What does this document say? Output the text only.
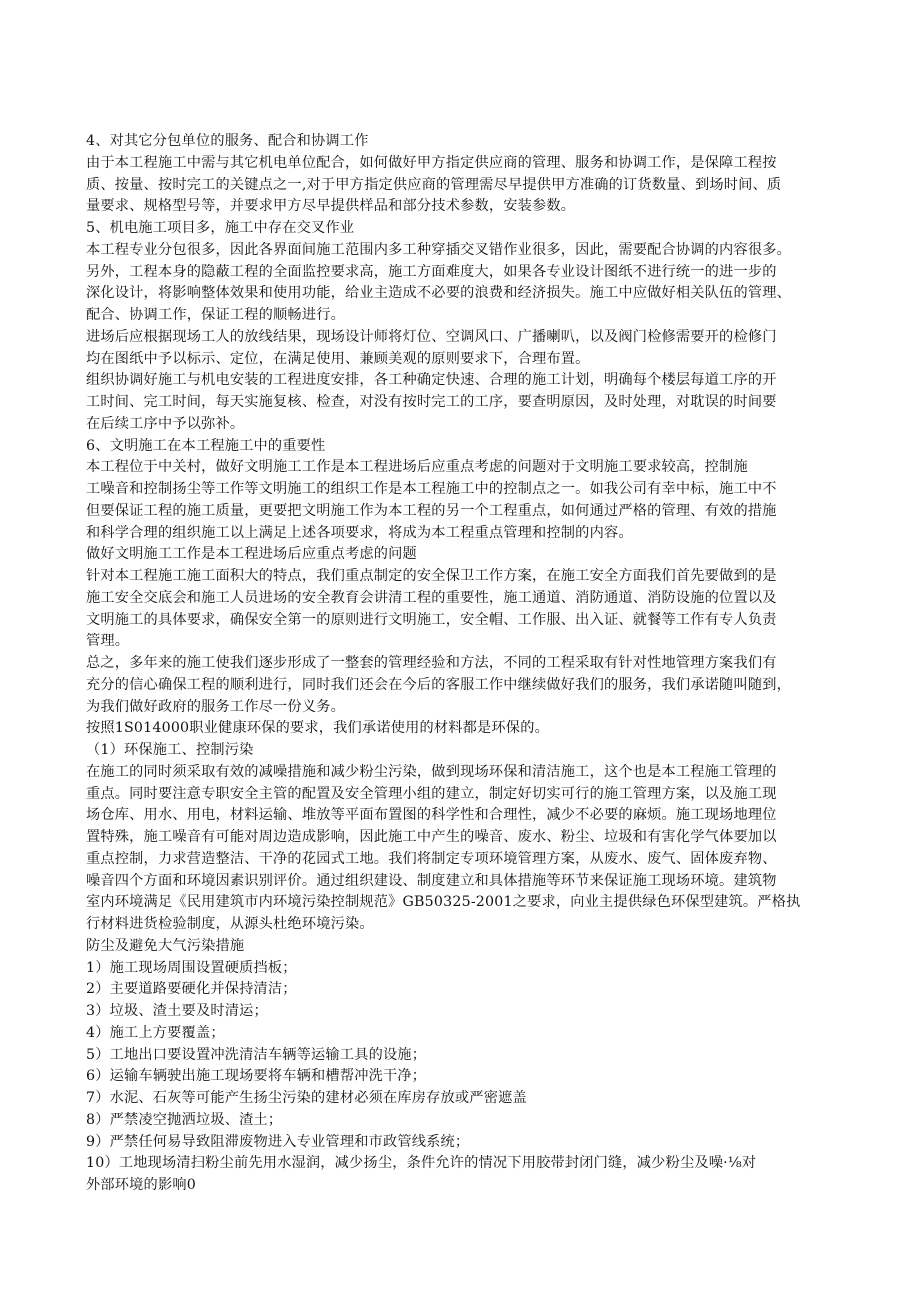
4、对其它分包单位的服务、配合和协调工作
由于本工程施工中需与其它机电单位配合，如何做好甲方指定供应商的管理、服务和协调工作，是保障工程按
质、按量、按时完工的关键点之一,对于甲方指定供应商的管理需尽早提供甲方准确的订货数量、到场时间、质
量要求、规格型号等，并要求甲方尽早提供样品和部分技术参数，安装参数。
5、机电施工项目多，施工中存在交叉作业
本工程专业分包很多，因此各界面间施工范围内多工种穿插交叉错作业很多，因此，需要配合协调的内容很多。
另外，工程本身的隐蔽工程的全面监控要求高，施工方面难度大，如果各专业设计图纸不进行统一的进一步的
深化设计，将影响整体效果和使用功能，给业主造成不必要的浪费和经济损失。施工中应做好相关队伍的管理、
配合、协调工作，保证工程的顺畅进行。
进场后应根据现场工人的放线结果，现场设计师将灯位、空调风口、广播喇叭，以及阀门检修需要开的检修门
均在图纸中予以标示、定位，在满足使用、兼顾美观的原则要求下，合理布置。
组织协调好施工与机电安装的工程进度安排，各工种确定快速、合理的施工计划，明确每个楼层每道工序的开
工时间、完工时间，每天实施复核、检查，对没有按时完工的工序，要查明原因，及时处理，对耽误的时间要
在后续工序中予以弥补。
6、文明施工在本工程施工中的重要性
本工程位于中关村，做好文明施工工作是本工程进场后应重点考虑的问题对于文明施工要求较高，控制施
工噪音和控制扬尘等工作等文明施工的组织工作是本工程施工中的控制点之一。如我公司有幸中标，施工中不
但要保证工程的施工质量，更要把文明施工作为本工程的另一个工程重点，如何通过严格的管理、有效的措施
和科学合理的组织施工以上满足上述各项要求，将成为本工程重点管理和控制的内容。
做好文明施工工作是本工程进场后应重点考虑的问题
针对本工程施工施工面积大的特点，我们重点制定的安全保卫工作方案，在施工安全方面我们首先要做到的是
施工安全交底会和施工人员进场的安全教育会讲清工程的重要性，施工通道、消防通道、消防设施的位置以及
文明施工的具体要求，确保安全第一的原则进行文明施工，安全帽、工作服、出入证、就餐等工作有专人负责
管理。
总之，多年来的施工使我们逐步形成了一整套的管理经验和方法，不同的工程采取有针对性地管理方案我们有
充分的信心确保工程的顺利进行，同时我们还会在今后的客服工作中继续做好我们的服务，我们承诺随叫随到，
为我们做好政府的服务工作尽一份义务。
按照1S014000职业健康环保的要求，我们承诺使用的材料都是环保的。
（1）环保施工、控制污染
在施工的同时须采取有效的减噪措施和减少粉尘污染，做到现场环保和清洁施工，这个也是本工程施工管理的
重点。同时要注意专职安全主管的配置及安全管理小组的建立，制定好切实可行的施工管理方案，以及施工现
场仓库、用水、用电，材料运输、堆放等平面布置图的科学性和合理性，减少不必要的麻烦。施工现场地理位
置特殊，施工噪音有可能对周边造成影响，因此施工中产生的噪音、废水、粉尘、垃圾和有害化学气体要加以
重点控制，力求营造整洁、干净的花园式工地。我们将制定专项环境管理方案，从废水、废气、固体废弃物、
噪音四个方面和环境因素识别评价。通过组织建设、制度建立和具体措施等环节来保证施工现场环境。建筑物
室内环境满足《民用建筑市内环境污染控制规范》GB50325-2001之要求，向业主提供绿色环保型建筑。严格执
行材料进货检验制度，从源头杜绝环境污染。
防尘及避免大气污染措施
1）施工现场周围设置硬质挡板；
2）主要道路要硬化并保持清洁；
3）垃圾、渣土要及时清运；
4）施工上方要覆盖；
5）工地出口要设置冲洗清洁车辆等运输工具的设施；
6）运输车辆驶出施工现场要将车辆和槽帮冲洗干净；
7）水泥、石灰等可能产生扬尘污染的建材必须在库房存放或严密遮盖
8）严禁凌空抛洒垃圾、渣土；
9）严禁任何易导致阻滞废物进入专业管理和市政管线系统；
10）工地现场清扫粉尘前先用水湿润，减少扬尘，条件允许的情况下用胶带封闭门缝，减少粉尘及噪·⅛对
外部环境的影响0
